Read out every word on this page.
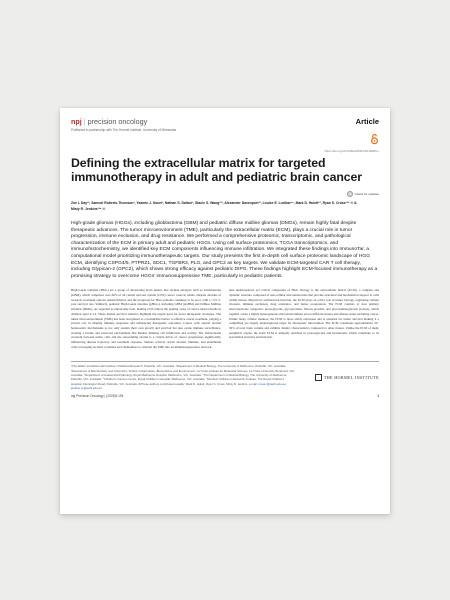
npj | precision oncology	Article
Published in partnership with The Hormel Institute, University of Minnesota
https://doi.org/10.1038/s41698-025-00866-x
Defining the extracellular matrix for targeted immunotherapy in adult and pediatric brain cancer
Check for updates
Zoe L Day¹², Samuel Roberts-Thomson¹, Yasmin J. Nouri¹, Nathan S. Dalton¹, Stacie S. Wang¹²³, Alexander Davenport¹², Louise E. Ludlow⁴⁵, Mark D. Hulett¹², Ryan S. Cross¹²⁶ ✉ & Misty R. Jenkins¹²⁶ ✉
High-grade gliomas (HGGs), including glioblastoma (GBM) and pediatric diffuse midline gliomas (DMGs), remain highly fatal despite therapeutic advances. The tumor microenvironment (TME), particularly the extracellular matrix (ECM), plays a crucial role in tumor progression, immune exclusion, and drug resistance. We performed a comprehensive proteomic, transcriptomic, and pathological characterization of the ECM in primary adult and pediatric HGGs. Using cell surface proteomics, TCGA transcriptomics, and immunohistochemistry, we identified key ECM components influencing immune infiltration. We integrated these findings into ImmunoTar, a computational model prioritizing immunotherapeutic targets. Our study presents the first in-depth cell surface proteomic landscape of HGG ECM, identifying CSPG4/5, PTPRZ1, SDC1, TGFBR3, PLG, and GPC2 as key targets. We validate ECM-targeted CAR T cell therapy, including Glypican-2 (GPC2), which shows strong efficacy against pediatric DIPG. These findings highlight ECM-focused immunotherapy as a promising strategy to overcome HGGs' immunosuppressive TME, particularly in pediatric patients.
High-Grade Gliomas (HGG) are a group of devastating brain tumors that include subtypes such as Glioblastoma (GBM), which comprises over 60% of all central nervous system (CNS) cancer cases in adults. Despite decades of research, treatment options remain limited, and the prognosis for HGG patients continues to be poor, with a ~5% 5-year survival rate. Similarly, pediatric High-Grade Gliomas (pHGG), including GBM (pGBM) and Diffuse Midline Gliomas (DMG), are regarded as universally fatal, making CNS tumors the leading cause of cancer-related deaths in children aged 0–14. These dismal survival statistics highlight the urgent need for novel therapeutic strategies. The tumor microenvironment (TME) has been recognized as a formidable barrier to effective cancer treatment, playing a pivotal role in shaping immune responses and influencing therapeutic outcomes. Cancer cells exploit normal homeostatic mechanisms to not only sustain their own growth and survival but also evade immune surveillance, creating a hostile and protected environment that hinders immune cell infiltration and activity. The bidirectional crosstalk between tumor cells and the surrounding stroma is a critical driver of cancer progression, significantly influencing disease trajectory and treatment response. Tumors actively recruit stromal, immune, and endothelial cells, leveraging secreted cytokines and chemokines to remodel the TME into an immunosuppressive network.
One underexplored yet critical component of HGG biology is the extracellular matrix (ECM), a complex and dynamic structure composed of non-cellular macromolecules that provide structural and biochemical support to cells within tissues. Beyond its architectural function, the ECM plays an active role in tumor biology, regulating cellular invasion, immune exclusion, drug resistance, and tumor progression. The ECM consists of four primary macromolecule categories: proteoglycans, glycoproteins, fibrous proteins, and glycosaminoglycans (GAGs), which together create a highly heterogeneous microenvironment across different tissues and disease states including cancer. Unlike many cellular markers, the ECM is more stably expressed and is essential for tumor survival making it a compelling yet largely underexplored target for therapeutic intervention. The ECM constitutes approximately 20–30% of total brain volume and exhibits distinct characteristics compared to other tissues. Unlike the ECM of many peripheral organs, the brain ECM is uniquely enriched in proteoglycans and hyaluronan, which contribute to its specialized structure and function.
¹The Walter and Eliza Hall Institute of Medical Research, Parkville, VIC, Australia. ²Department of Medical Biology, The University of Melbourne, Parkville, VIC, Australia. ³Department of Biochemistry and Chemistry, School of Agriculture, Biomedicine and Environment, La Trobe Institute for Molecular Science, La Trobe University, Bundoora, VIC, Australia. ⁴Department of Anatomical Pathology, Royal Melbourne Hospital, Melbourne, VIC, Australia. ⁵The Department of Medical Biology, The University of Melbourne, Parkville, VIC, Australia. ⁶Children's Cancer Centre, Royal Children's Hospital, Melbourne, VIC, Australia. ⁷Murdoch Children's Research Institute, The Royal Children's Hospital, Flemington Road, Parkville, VIC, Australia. ✉These authors contributed equally: Mark D. Hulett, Ryan S. Cross, Misty R. Jenkins. e-mail: cross.r@wehi.edu.au; jenkins.m@wehi.edu.au
THE HORMEL INSTITUTE
npj Precision Oncology | (2025)9:194	1
